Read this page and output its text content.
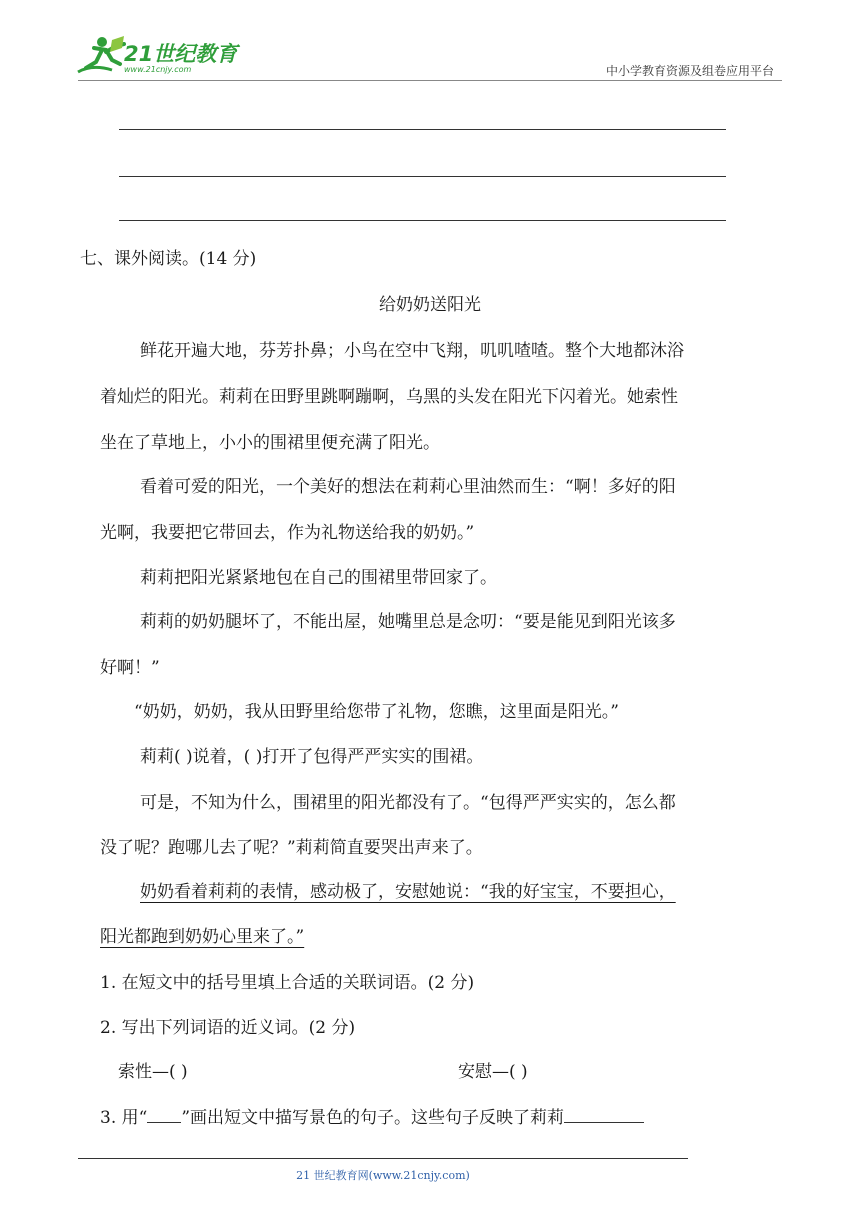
21世纪教育
www.21cnjy.com	中小学教育资源及组卷应用平台
七、课外阅读。(14 分)
给奶奶送阳光
鲜花开遍大地，芬芳扑鼻；小鸟在空中飞翔，叽叽喳喳。整个大地都沐浴
着灿烂的阳光。莉莉在田野里跳啊蹦啊，乌黑的头发在阳光下闪着光。她索性
坐在了草地上，小小的围裙里便充满了阳光。
看着可爱的阳光，一个美好的想法在莉莉心里油然而生：“啊！多好的阳
光啊，我要把它带回去，作为礼物送给我的奶奶。”
莉莉把阳光紧紧地包在自己的围裙里带回家了。
莉莉的奶奶腿坏了，不能出屋，她嘴里总是念叨：“要是能见到阳光该多
好啊！”
“奶奶，奶奶，我从田野里给您带了礼物，您瞧，这里面是阳光。”
莉莉( )说着，( )打开了包得严严实实的围裙。
可是，不知为什么，围裙里的阳光都没有了。“包得严严实实的，怎么都
没了呢？跑哪儿去了呢？”莉莉简直要哭出声来了。
奶奶看着莉莉的表情，感动极了，安慰她说：“我的好宝宝，不要担心，
阳光都跑到奶奶心里来了。”
1. 在短文中的括号里填上合适的关联词语。(2 分)
2. 写出下列词语的近义词。(2 分)
索性—( )	安慰—( )
3. 用“ ”画出短文中描写景色的句子。这些句子反映了莉莉
21 世纪教育网(www.21cnjy.com)
